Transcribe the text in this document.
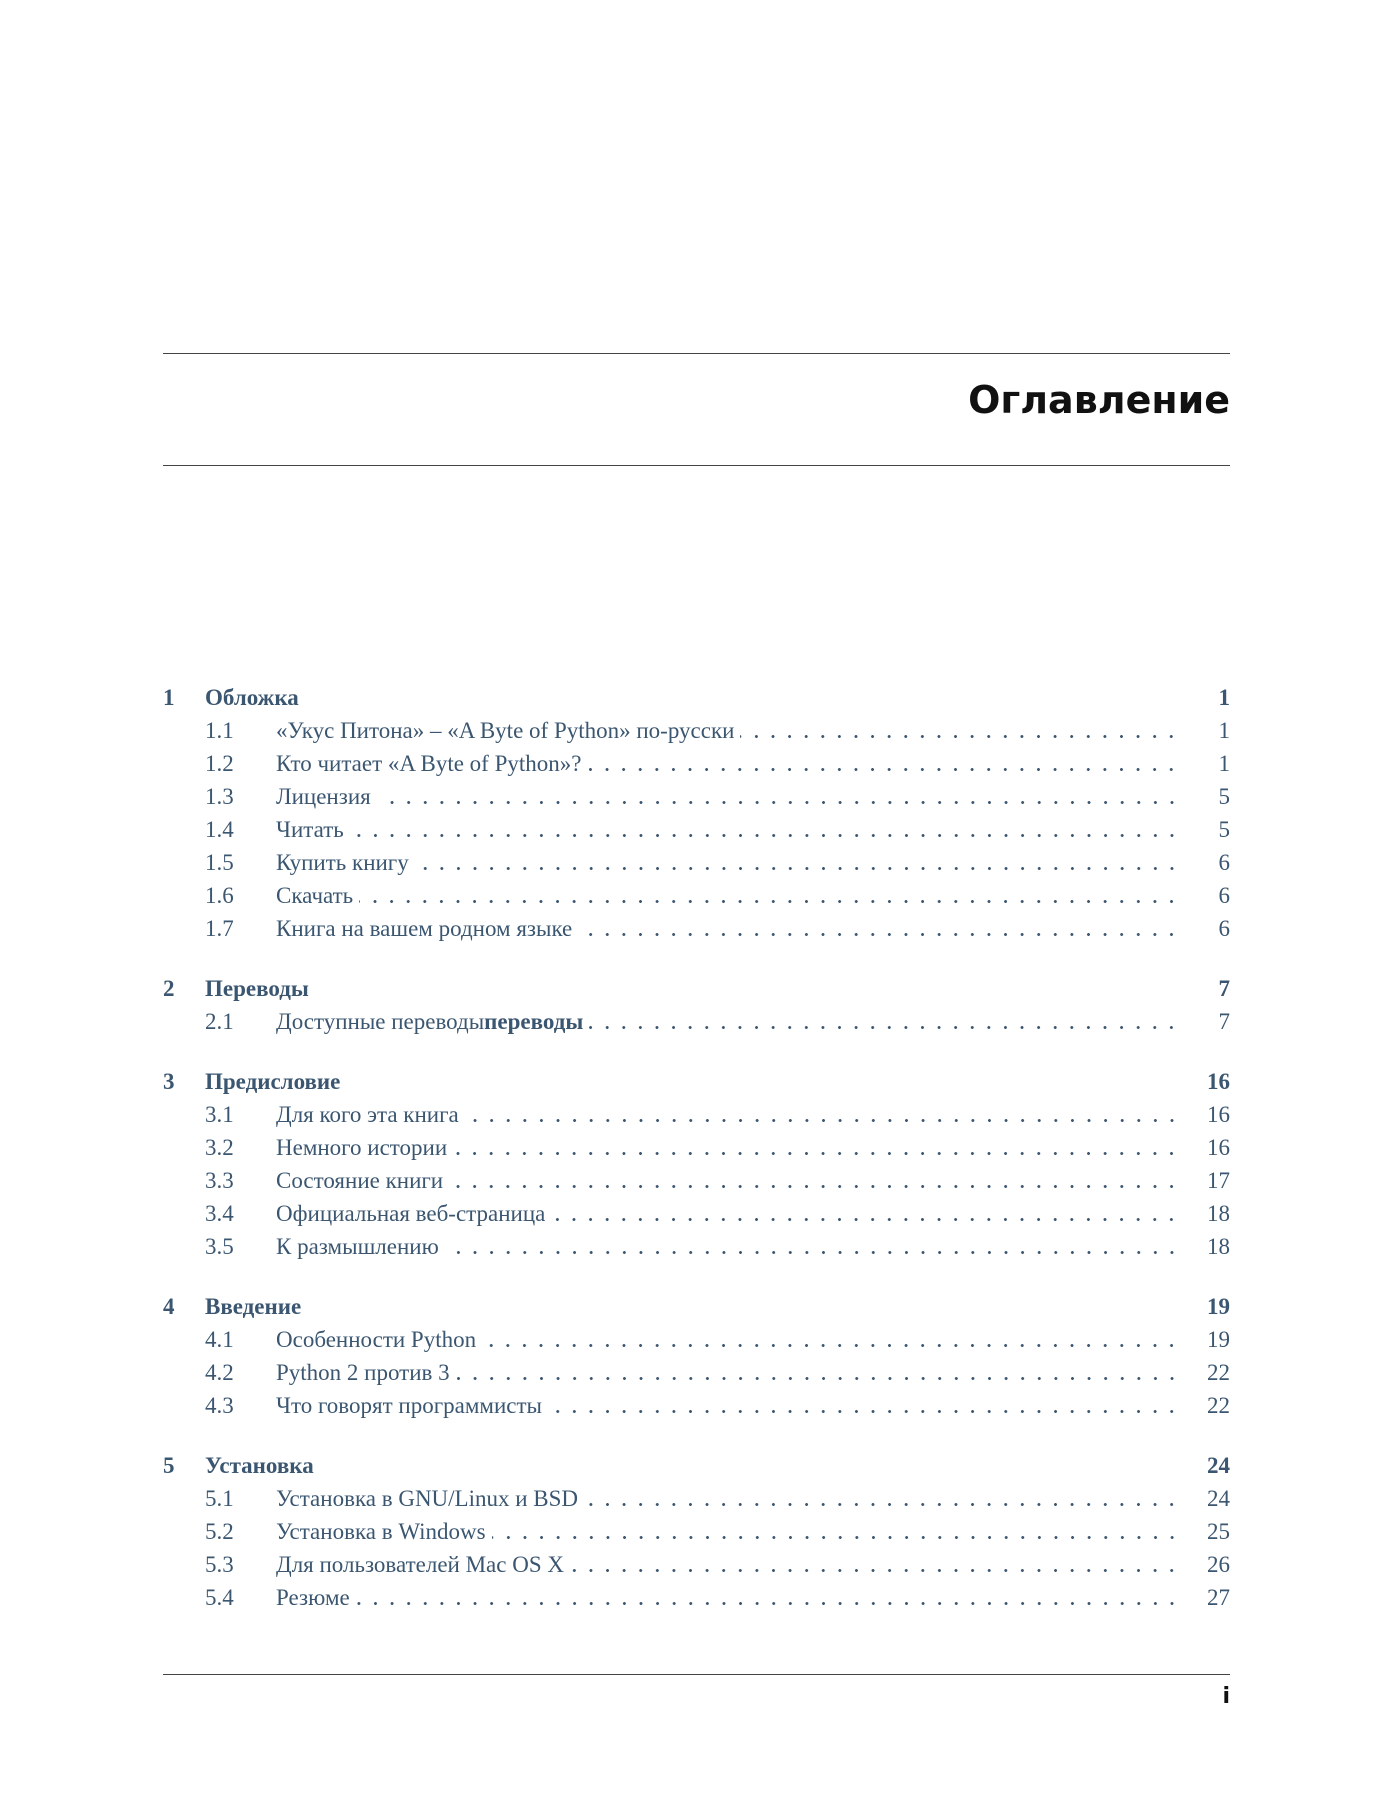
Оглавление
1	Обложка	1
1.1	«Укус Питона» – «A Byte of Python» по-русски	1
1.2	Кто читает «A Byte of Python»?	1
1.3	Лицензия	5
1.4	Читать	5
1.5	Купить книгу	6
1.6	Скачать	6
1.7	Книга на вашем родном языке	6
2	Переводы	7
2.1	Доступные переводыпереводы	7
3	Предисловие	16
3.1	Для кого эта книга	16
3.2	Немного истории	16
3.3	Состояние книги	17
3.4	Официальная веб-страница	18
3.5	К размышлению	18
4	Введение	19
4.1	Особенности Python	19
4.2	Python 2 против 3	22
4.3	Что говорят программисты	22
5	Установка	24
5.1	Установка в GNU/Linux и BSD	24
5.2	Установка в Windows	25
5.3	Для пользователей Mac OS X	26
5.4	Резюме	27
i
